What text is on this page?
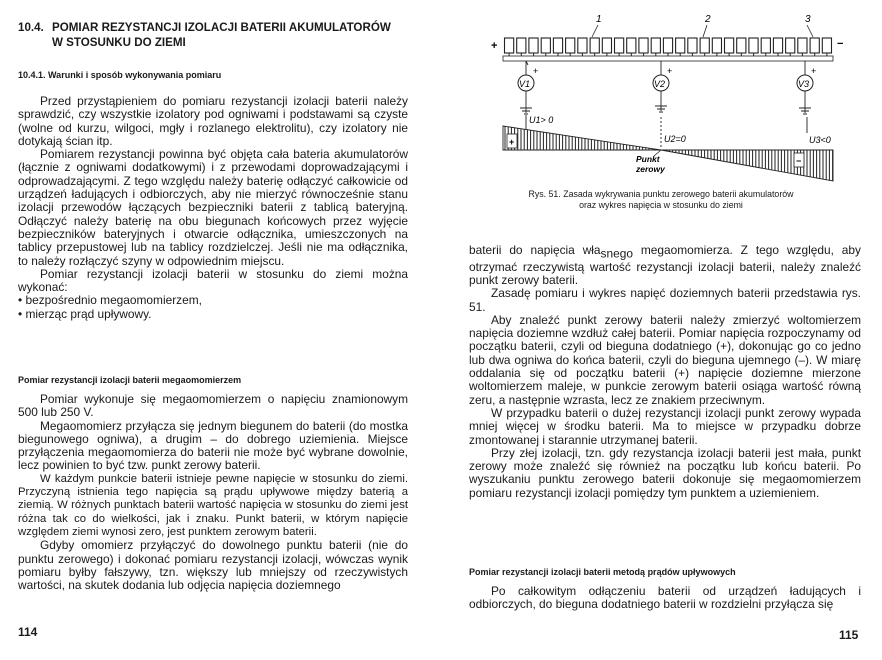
10.4. POMIAR REZYSTANCJI IZOLACJI BATERII AKUMULATORÓW
W STOSUNKU DO ZIEMI

10.4.1. Warunki i sposób wykonywania pomiaru

Przed przystąpieniem do pomiaru rezystancji izolacji baterii należy sprawdzić, czy wszystkie izolatory pod ogniwami i podstawami są czyste (wolne od kurzu, wilgoci, mgły i rozlanego elektrolitu), czy izolatory nie dotykają ścian itp.

Pomiarem rezystancji powinna być objęta cała bateria akumulatorów (łącznie z ogniwami dodatkowymi) i z przewodami doprowadzającymi i odprowadzającymi. Z tego względu należy baterię odłączyć całkowicie od urządzeń ładujących i odbiorczych, aby nie mierzyć równocześnie stanu izolacji przewodów łączących bezpieczniki baterii z tablicą bateryjną. Odłączyć należy baterię na obu biegunach końcowych przez wyjęcie bezpieczników bateryjnych i otwarcie odłącznika, umieszczonych na tablicy przepustowej lub na tablicy rozdzielczej. Jeśli nie ma odłącznika, to należy rozłączyć szyny w odpowiednim miejscu.

Pomiar rezystancji izolacji baterii w stosunku do ziemi można wykonać:

• bezpośrednio megaomomierzem,
• mierząc prąd upływowy.

Pomiar rezystancji izolacji baterii megaomomierzem

Pomiar wykonuje się megaomomierzem o napięciu znamionowym 500 lub 250 V.

Megaomomierz przyłącza się jednym biegunem do baterii (do mostka biegunowego ogniwa), a drugim – do dobrego uziemienia. Miejsce przyłączenia megaomomierza do baterii nie może być wybrane dowolnie, lecz powinien to być tzw. punkt zerowy baterii.

W każdym punkcie baterii istnieje pewne napięcie w stosunku do ziemi. Przyczyną istnienia tego napięcia są prądu upływowe między baterią a ziemią. W różnych punktach baterii wartość napięcia w stosunku do ziemi jest różna tak co do wielkości, jak i znaku. Punkt baterii, w którym napięcie względem ziemi wynosi zero, jest punktem zerowym baterii.

Gdyby omomierz przyłączyć do dowolnego punktu baterii (nie do punktu zerowego) i dokonać pomiaru rezystancji izolacji, wówczas wynik pomiaru byłby fałszywy, tzn. większy lub mniejszy od rzeczywistych wartości, na skutek dodania lub odjęcia napięcia doziemnego

114
1	2	3
+	−
V1
+
U1> 0
V2
+
U2=0
V3
+
U3<0
+
−
Punkt
zerowy

Rys. 51. Zasada wykrywania punktu zerowego baterii akumulatorów
oraz wykres napięcia w stosunku do ziemi

baterii do napięcia wła$_{snego}$ megaomomierza. Z tego względu, aby otrzymać rzeczywistą wartość rezystancji izolacji baterii, należy znaleźć punkt zerowy baterii.

Zasadę pomiaru i wykres napięć doziemnych baterii przedstawia rys. 51.

Aby znaleźć punkt zerowy baterii należy zmierzyć woltomierzem napięcia doziemne wzdłuż całej baterii. Pomiar napięcia rozpoczynamy od początku baterii, czyli od bieguna dodatniego (+), dokonując go co jedno lub dwa ogniwa do końca baterii, czyli do bieguna ujemnego (–). W miarę oddalania się od początku baterii (+) napięcie doziemne mierzone woltomierzem maleje, w punkcie zerowym baterii osiąga wartość równą zeru, a następnie wzrasta, lecz ze znakiem przeciwnym.

W przypadku baterii o dużej rezystancji izolacji punkt zerowy wypada mniej więcej w środku baterii. Ma to miejsce w przypadku dobrze zmontowanej i starannie utrzymanej baterii.

Przy złej izolacji, tzn. gdy rezystancja izolacji baterii jest mała, punkt zerowy może znaleźć się również na początku lub końcu baterii. Po wyszukaniu punktu zerowego baterii dokonuje się megaomomierzem pomiaru rezystancji izolacji pomiędzy tym punktem a uziemieniem.

Pomiar rezystancji izolacji baterii metodą prądów upływowych

Po całkowitym odłączeniu baterii od urządzeń ładujących i odbiorczych, do bieguna dodatniego baterii w rozdzielni przyłącza się

115
